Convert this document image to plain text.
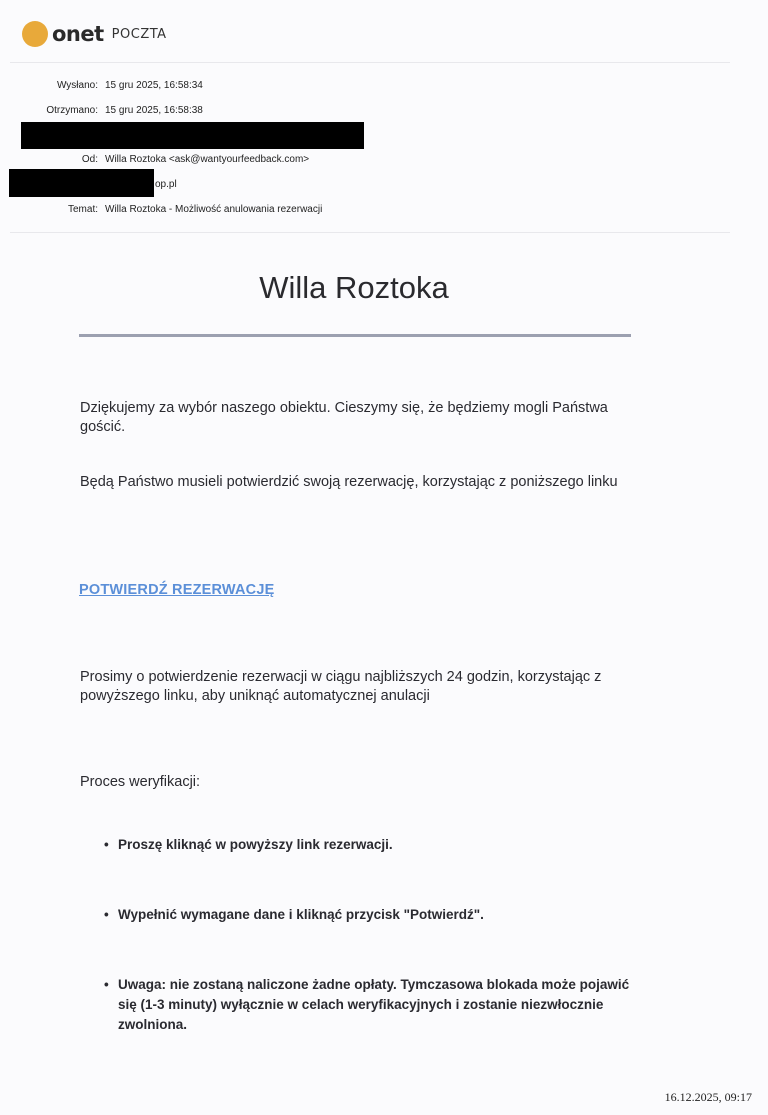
onet POCZTA
Wysłano: 15 gru 2025, 16:58:34
Otrzymano: 15 gru 2025, 16:58:38
Od: Willa Roztoka <ask@wantyourfeedback.com>
op.pl
Temat: Willa Roztoka - Możliwość anulowania rezerwacji
Willa Roztoka
Dziękujemy za wybór naszego obiektu. Cieszymy się, że będziemy mogli Państwa gościć.
Będą Państwo musieli potwierdzić swoją rezerwację, korzystając z poniższego linku
POTWIERDŹ REZERWACJĘ
Prosimy o potwierdzenie rezerwacji w ciągu najbliższych 24 godzin, korzystając z powyższego linku, aby uniknąć automatycznej anulacji
Proces weryfikacji:
• Proszę kliknąć w powyższy link rezerwacji.
• Wypełnić wymagane dane i kliknąć przycisk "Potwierdź".
• Uwaga: nie zostaną naliczone żadne opłaty. Tymczasowa blokada może pojawić się (1-3 minuty) wyłącznie w celach weryfikacyjnych i zostanie niezwłocznie zwolniona.
16.12.2025, 09:17
